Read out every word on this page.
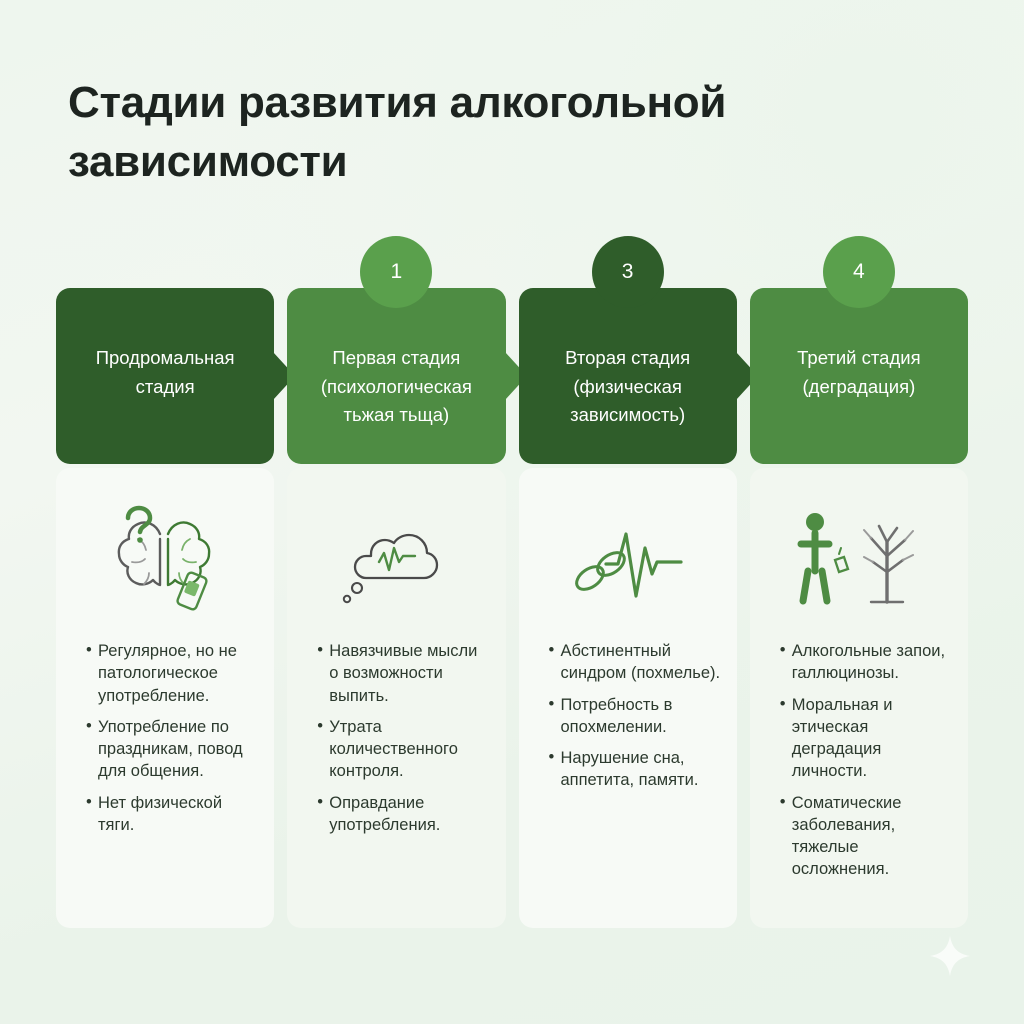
Стадии развития алкогольной зависимости
Продромальная
стадия
• Регулярное, но не патологическое употребление.
• Употребление по праздникам, повод для общения.
• Нет физической тяги.
1
Первая стадия
(психологическая
тьжая тьща)
• Навязчивые мысли о возможности выпить.
• Утрата количественного контроля.
• Оправдание употребления.
3
Вторая стадия
(физическая
зависимость)
• Абстинентный синдром (похмелье).
• Потребность в опохмелении.
• Нарушение сна, аппетита, памяти.
4
Третий стадия
(деградация)
• Алкогольные запои, галлюцинозы.
• Моральная и этическая деградация личности.
• Соматические заболевания, тяжелые осложнения.
